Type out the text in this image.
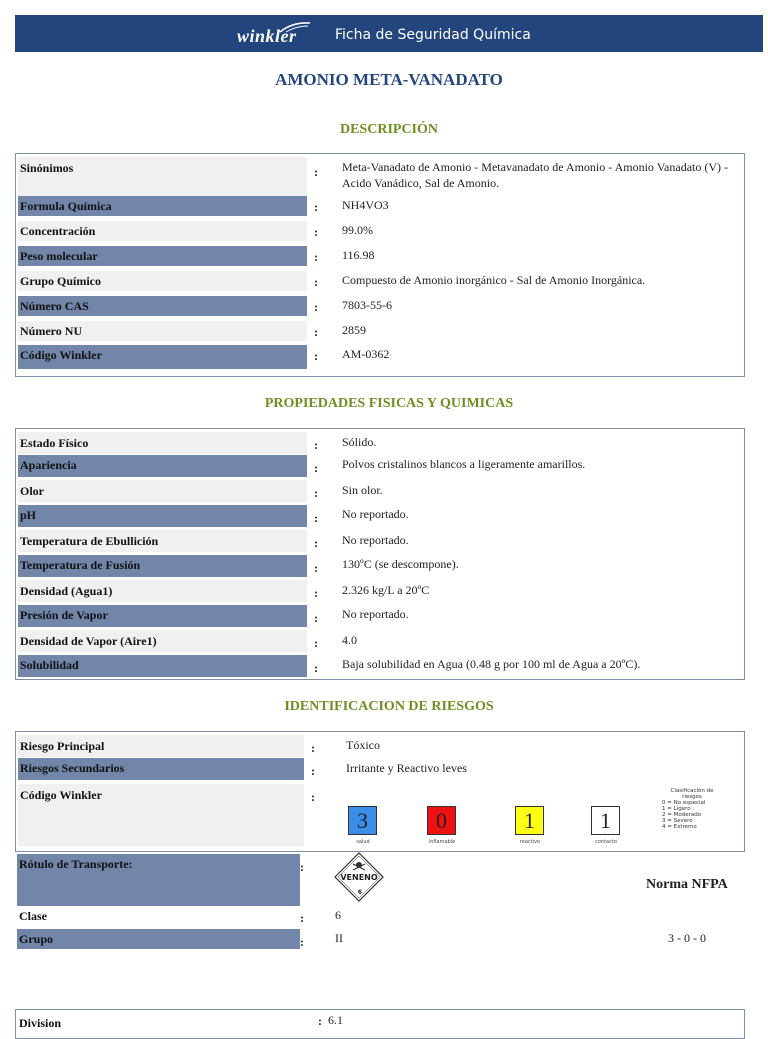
winkler	Ficha de Seguridad Química
AMONIO META-VANADATO
DESCRIPCIÓN
Sinónimos	: Meta-Vanadato de Amonio - Metavanadato de Amonio - Amonio Vanadato (V) - Acido Vanádico, Sal de Amonio.
Formula Química	: NH4VO3
Concentración	: 99.0%
Peso molecular	: 116.98
Grupo Químico	: Compuesto de Amonio inorgánico - Sal de Amonio Inorgánica.
Número CAS	: 7803-55-6
Número NU	: 2859
Código Winkler	: AM-0362
PROPIEDADES FISICAS Y QUIMICAS
Estado Físico	: Sólido.
Apariencia	: Polvos cristalinos blancos a ligeramente amarillos.
Olor	: Sin olor.
pH	: No reportado.
Temperatura de Ebullición	: No reportado.
Temperatura de Fusión	: 130ºC (se descompone).
Densidad (Agua1)	: 2.326 kg/L a 20ºC
Presión de Vapor	: No reportado.
Densidad de Vapor (Aire1)	: 4.0
Solubilidad	: Baja solubilidad en Agua (0.48 g por 100 ml de Agua a 20ºC).
IDENTIFICACION DE RIESGOS
Riesgo Principal	:	Tóxico
Riesgos Secundarios	:	Irritante y Reactivo leves
Código Winkler	:
3
salud
0
inflamable
1
reactivo
1
contacto
Clasificación de riesgos
0 = No especial
1 = Ligero
2 = Moderado
3 = Severo
4 = Extremo
Rótulo de Transporte:	:
VENENO
6
Norma NFPA
Clase	:	6
Grupo	:	II	3 - 0 - 0
Division	: 6.1
